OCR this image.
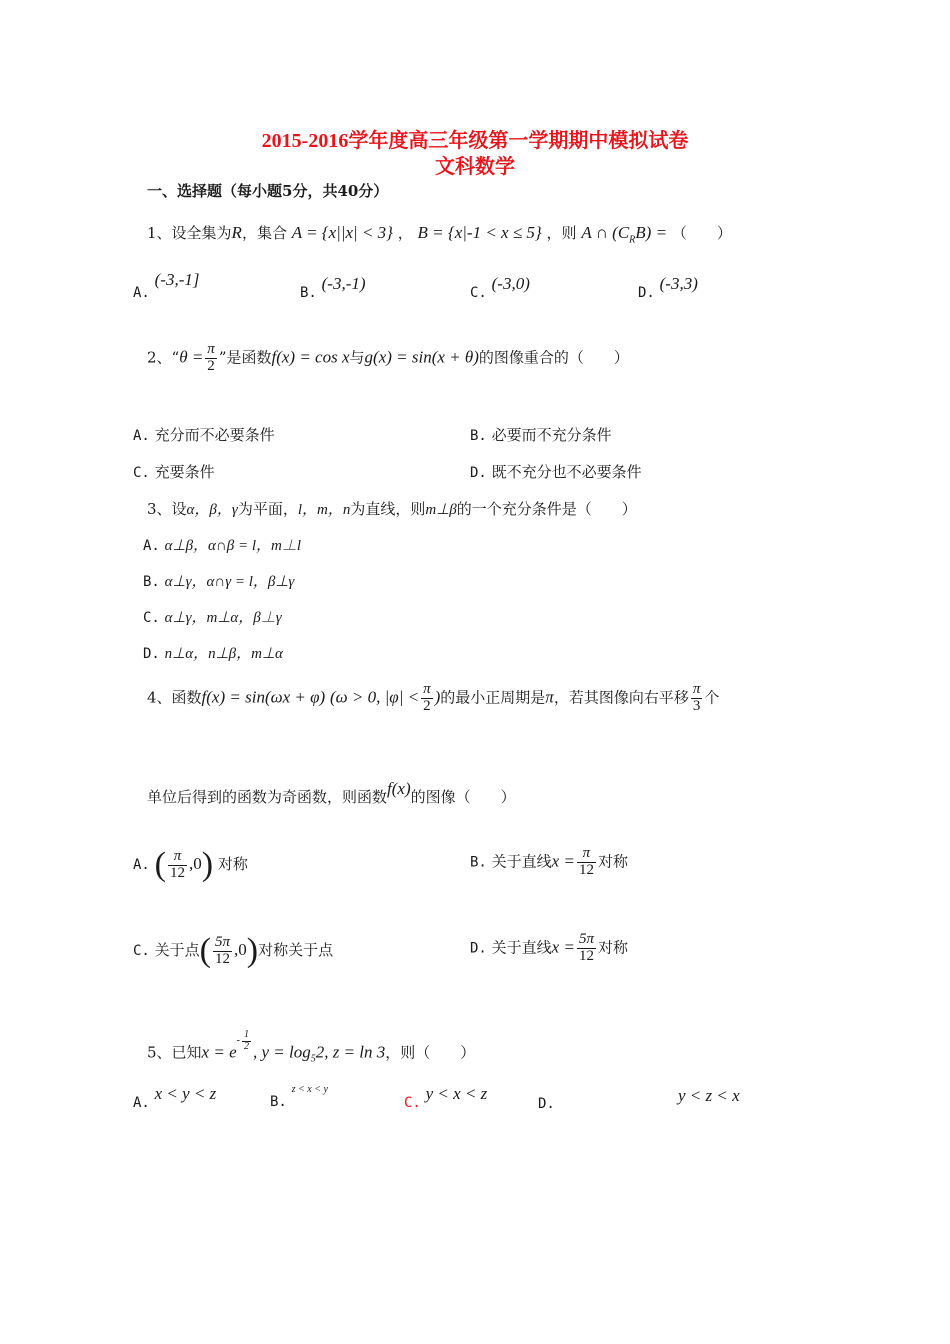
2015-2016学年度高三年级第一学期期中模拟试卷
文科数学
一、选择题（每小题5分，共40分）
1、设全集为R，集合 A = {x||x| < 3} ， B = {x|-1 < x ≤ 5} ，则 A ∩ $(C_RB)$ = （　　）
A. (-3,-1]
B. (-3,-1)	C. (-3,0)	D. (-3,3)
2、“$\theta = \frac{\pi}{2}$ ”是函数f(x) = cos x与g(x) = sin(x + θ)的图像重合的（　　）
A. 充分而不必要条件	B. 必要而不充分条件
C. 充要条件	D. 既不充分也不必要条件
3、设α，β，γ为平面，l，m，n为直线，则m⊥β的一个充分条件是（　　）
A. α⊥β，α∩β = l，m⊥l
B. α⊥γ，α∩γ = l，β⊥γ
C. α⊥γ，m⊥α，β⊥γ
D. n⊥α，n⊥β，m⊥α
4、函数f(x) = sin(ωx + φ) (ω > 0, $|\varphi| < \frac{\pi}{2}$ )的最小正周期是π，若其图像向右平移 $\frac{\pi}{3}$ 个
单位后得到的函数为奇函数，则函数f(x)的图像（　　）
A. ( $\frac{\pi}{12} ,0$) 对称	B. 关于直线$x = \frac{\pi}{12}$ 对称
C. 关于点( $\frac{5\pi}{12} ,0$)对称关于点	D. 关于直线$x = \frac{5\pi}{12}$ 对称
5、已知$x = e^{- \frac{1}{2}}$ , $y = \log_52$, z = ln 3，则（　　）
A. x < y < z	B. $^{z < x < y}$
C. y < x < z
D.	y < z < x
